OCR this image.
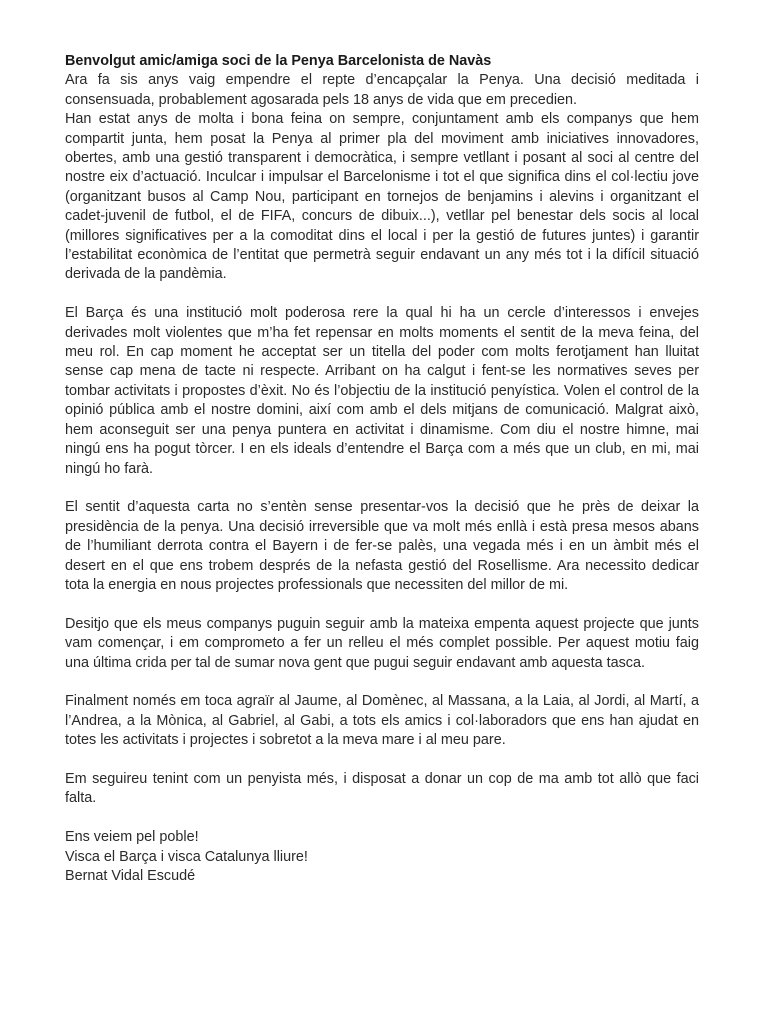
Benvolgut amic/amiga soci de la Penya Barcelonista de Navàs
Ara fa sis anys vaig empendre el repte d’encapçalar la Penya. Una decisió meditada i
consensuada, probablement agosarada pels 18 anys de vida que em precedien.
Han estat anys de molta i bona feina on sempre, conjuntament amb els companys que hem
compartit junta, hem posat la Penya al primer pla del moviment amb iniciatives innovadores,
obertes, amb una gestió transparent i democràtica, i sempre vetllant i posant al soci al centre del
nostre eix d’actuació. Inculcar i impulsar el Barcelonisme i tot el que significa dins el col·lectiu jove
(organitzant busos al Camp Nou, participant en tornejos de benjamins i alevins i organitzant el
cadet-juvenil de futbol, el de FIFA, concurs de dibuix...), vetllar pel benestar dels socis al local
(millores significatives per a la comoditat dins el local i per la gestió de futures juntes) i garantir
l’estabilitat econòmica de l’entitat que permetrà seguir endavant un any més tot i la difícil situació
derivada de la pandèmia.
El Barça és una institució molt poderosa rere la qual hi ha un cercle d’interessos i envejes
derivades molt violentes que m’ha fet repensar en molts moments el sentit de la meva feina, del
meu rol. En cap moment he acceptat ser un titella del poder com molts ferotjament han lluitat
sense cap mena de tacte ni respecte. Arribant on ha calgut i fent-se les normatives seves per
tombar activitats i propostes d’èxit. No és l’objectiu de la institució penyística. Volen el control de la
opinió pública amb el nostre domini, així com amb el dels mitjans de comunicació. Malgrat això,
hem aconseguit ser una penya puntera en activitat i dinamisme. Com diu el nostre himne, mai
ningú ens ha pogut tòrcer. I en els ideals d’entendre el Barça com a més que un club, en mi, mai
ningú ho farà.
El sentit d’aquesta carta no s’entèn sense presentar-vos la decisió que he près de deixar la
presidència de la penya. Una decisió irreversible que va molt més enllà i està presa mesos abans
de l’humiliant derrota contra el Bayern i de fer-se palès, una vegada més i en un àmbit més el
desert en el que ens trobem després de la nefasta gestió del Rosellisme. Ara necessito dedicar
tota la energia en nous projectes professionals que necessiten del millor de mi.
Desitjo que els meus companys puguin seguir amb la mateixa empenta aquest projecte que junts
vam començar, i em comprometo a fer un relleu el més complet possible. Per aquest motiu faig
una última crida per tal de sumar nova gent que pugui seguir endavant amb aquesta tasca.
Finalment només em toca agraïr al Jaume, al Domènec, al Massana, a la Laia, al Jordi, al Martí, a
l’Andrea, a la Mònica, al Gabriel, al Gabi, a tots els amics i col·laboradors que ens han ajudat en
totes les activitats i projectes i sobretot a la meva mare i al meu pare.
Em seguireu tenint com un penyista més, i disposat a donar un cop de ma amb tot allò que faci
falta.
Ens veiem pel poble!
Visca el Barça i visca Catalunya lliure!
Bernat Vidal Escudé
